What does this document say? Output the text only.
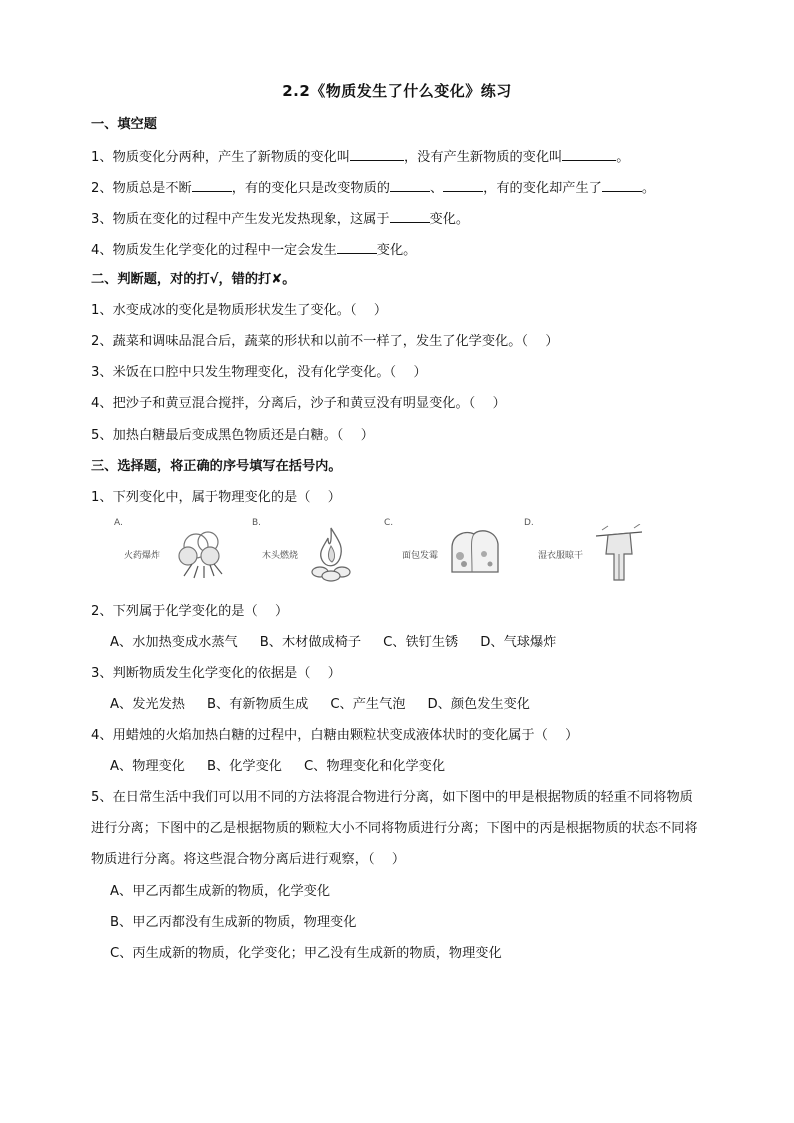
2.2《物质发生了什么变化》练习
一、填空题
1、物质变化分两种，产生了新物质的变化叫	，没有产生新物质的变化叫	。
2、物质总是不断	，有的变化只是改变物质的	、	，有的变化却产生了	。
3、物质在变化的过程中产生发光发热现象，这属于	变化。
4、物质发生化学变化的过程中一定会发生	变化。
二、判断题，对的打√，错的打✘。
1、水变成冰的变化是物质形状发生了变化。（　 ）
2、蔬菜和调味品混合后，蔬菜的形状和以前不一样了，发生了化学变化。（　 ）
3、米饭在口腔中只发生物理变化，没有化学变化。（　 ）
4、把沙子和黄豆混合搅拌，分离后，沙子和黄豆没有明显变化。（　 ）
5、加热白糖最后变成黑色物质还是白糖。（　 ）
三、选择题，将正确的序号填写在括号内。
1、下列变化中，属于物理变化的是（　 ）
A.
火药爆炸
B.
木头燃烧
C.
面包发霉
D.
湿衣服晾干
2、下列属于化学变化的是（　 ）
A、水加热变成水蒸气 B、木材做成椅子 C、铁钉生锈 D、气球爆炸
3、判断物质发生化学变化的依据是（　 ）
A、发光发热 B、有新物质生成 C、产生气泡 D、颜色发生变化
4、用蜡烛的火焰加热白糖的过程中，白糖由颗粒状变成液体状时的变化属于（　 ）
A、物理变化 B、化学变化 C、物理变化和化学变化
5、在日常生活中我们可以用不同的方法将混合物进行分离，如下图中的甲是根据物质的轻重不同将物质进行分离；下图中的乙是根据物质的颗粒大小不同将物质进行分离；下图中的丙是根据物质的状态不同将物质进行分离。将这些混合物分离后进行观察，（　 ）
A、甲乙丙都生成新的物质，化学变化
B、甲乙丙都没有生成新的物质，物理变化
C、丙生成新的物质，化学变化；甲乙没有生成新的物质，物理变化
